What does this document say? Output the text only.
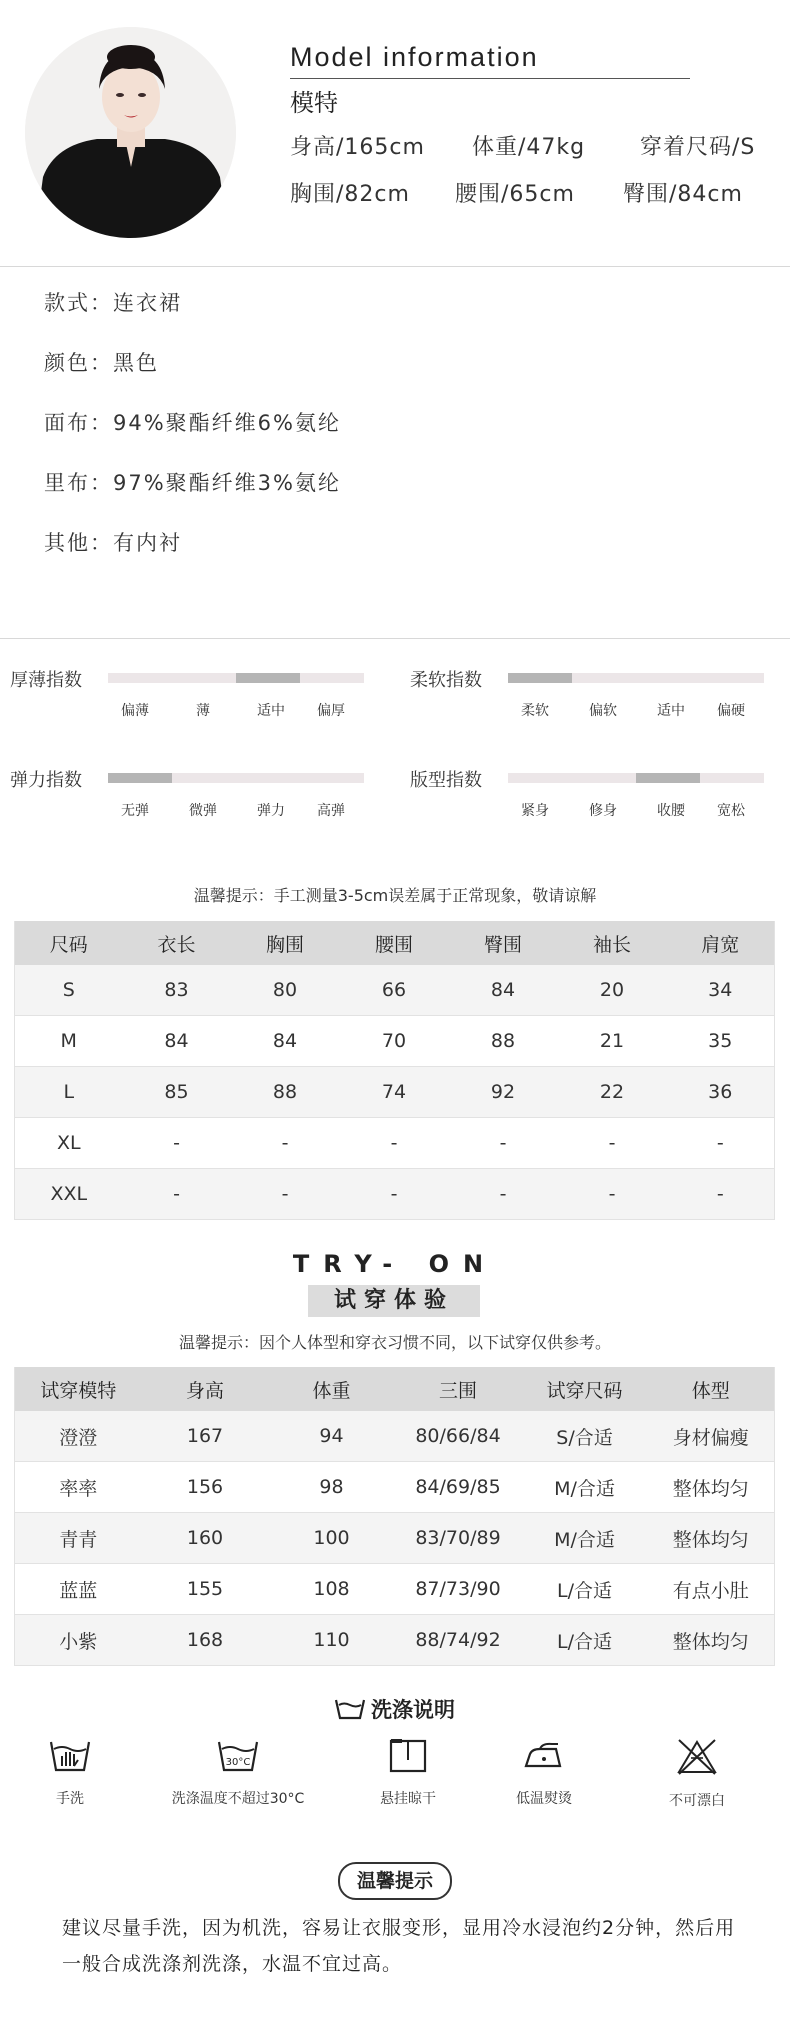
Model information
模特
身高/165cm 体重/47kg 穿着尺码/S
胸围/82cm 腰围/65cm 臀围/84cm
款式：连衣裙
颜色：黑色
面布：94%聚酯纤维6%氨纶
里布：97%聚酯纤维3%氨纶
其他：有内衬
厚薄指数
偏薄	薄	适中 偏厚
柔软指数
柔软	偏软	适中 偏硬
弹力指数
无弹	微弹	弹力 高弹
版型指数
紧身	修身	收腰 宽松
温馨提示：手工测量3-5cm误差属于正常现象，敬请谅解
尺码	衣长	胸围	腰围	臀围	袖长	肩宽
S	83	80	66	84	20	34
M	84	84	70	88	21	35
L	85	88	74	92	22	36
XL	-	-	-	-	-	-
XXL	-	-	-	-	-	-
TRY- ON
试穿体验
温馨提示：因个人体型和穿衣习惯不同，以下试穿仅供参考。
试穿模特	身高	体重	三围	试穿尺码	体型
澄澄	167	94	80/66/84	S/合适	身材偏瘦
率率	156	98	84/69/85	M/合适	整体均匀
青青	160	100	83/70/89	M/合适	整体均匀
蓝蓝	155	108	87/73/90	L/合适	有点小肚
小紫	168	110	88/74/92	L/合适	整体均匀
洗涤说明
手洗
30°C
洗涤温度不超过30°C	悬挂晾干	低温熨烫	不可漂白
温馨提示
建议尽量手洗，因为机洗，容易让衣服变形，显用冷水浸泡约2分钟，然后用一般合成洗涤剂洗涤，水温不宜过高。
